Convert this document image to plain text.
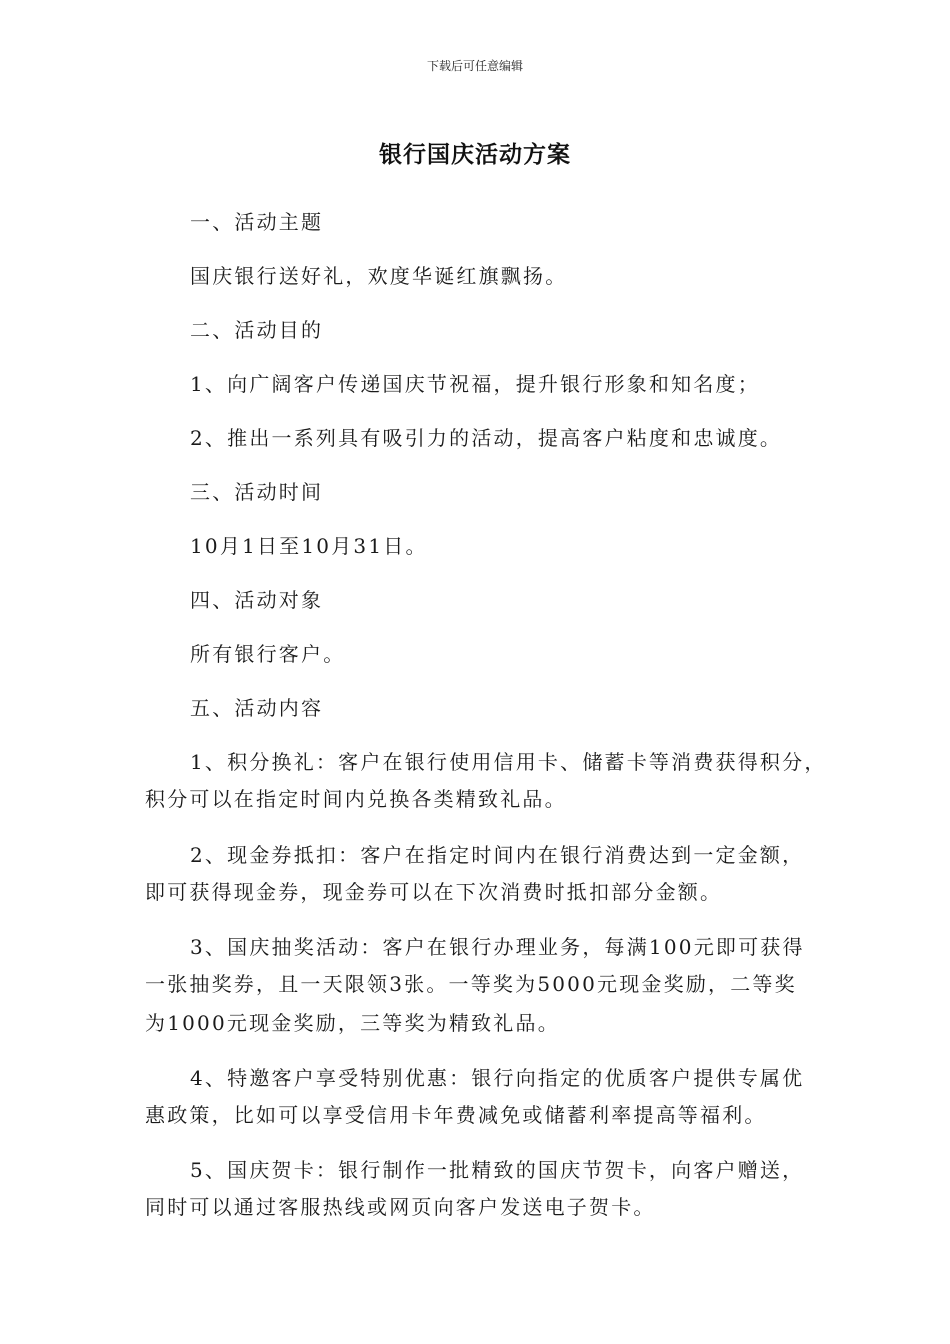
下载后可任意编辑
银行国庆活动方案
一、活动主题
国庆银行送好礼，欢度华诞红旗飘扬。
二、活动目的
1、向广阔客户传递国庆节祝福，提升银行形象和知名度；
2、推出一系列具有吸引力的活动，提高客户粘度和忠诚度。
三、活动时间
10月1日至10月31日。
四、活动对象
所有银行客户。
五、活动内容
1、积分换礼：客户在银行使用信用卡、储蓄卡等消费获得积分，
积分可以在指定时间内兑换各类精致礼品。
2、现金券抵扣：客户在指定时间内在银行消费达到一定金额，
即可获得现金券，现金券可以在下次消费时抵扣部分金额。
3、国庆抽奖活动：客户在银行办理业务，每满100元即可获得
一张抽奖券，且一天限领3张。一等奖为5000元现金奖励，二等奖
为1000元现金奖励，三等奖为精致礼品。
4、特邀客户享受特别优惠：银行向指定的优质客户提供专属优
惠政策，比如可以享受信用卡年费减免或储蓄利率提高等福利。
5、国庆贺卡：银行制作一批精致的国庆节贺卡，向客户赠送，
同时可以通过客服热线或网页向客户发送电子贺卡。
